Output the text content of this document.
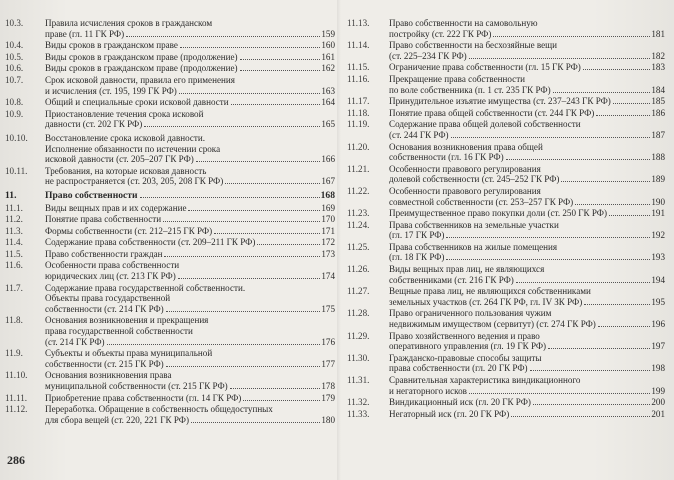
10.3.	Правила исчисления сроков в гражданском
праве (гл. 11 ГК РФ)	159
10.4.	Виды сроков в гражданском праве	160
10.5.	Виды сроков в гражданском праве (продолжение)	161
10.6.	Виды сроков в гражданском праве (продолжение)	162
10.7.	Срок исковой давности, правила его применения
и исчисления (ст. 195, 199 ГК РФ)	163
10.8.	Общий и специальные сроки исковой давности	164
10.9.	Приостановление течения срока исковой
давности (ст. 202 ГК РФ)	165
10.10.	Восстановление срока исковой давности.
Исполнение обязанности по истечении срока
исковой давности (ст. 205–207 ГК РФ)	166
10.11.	Требования, на которые исковая давность
не распространяется (ст. 203, 205, 208 ГК РФ)	167
11.	Право собственности	168
11.1.	Виды вещных прав и их содержание	169
11.2.	Понятие права собственности	170
11.3.	Формы собственности (ст. 212–215 ГК РФ)	171
11.4.	Содержание права собственности (ст. 209–211 ГК РФ)	172
11.5.	Право собственности граждан	173
11.6.	Особенности права собственности
юридических лиц (ст. 213 ГК РФ)	174
11.7.	Содержание права государственной собственности.
Объекты права государственной
собственности (ст. 214 ГК РФ)	175
11.8.	Основания возникновения и прекращения
права государственной собственности
(ст. 214 ГК РФ)	176
11.9.	Субъекты и объекты права муниципальной
собственности (ст. 215 ГК РФ)	177
11.10.	Основания возникновения права
муниципальной собственности (ст. 215 ГК РФ)	178
11.11.	Приобретение права собственности (гл. 14 ГК РФ)	179
11.12.	Переработка. Обращение в собственность общедоступных
для сбора вещей (ст. 220, 221 ГК РФ)	180
11.13.	Право собственности на самовольную
постройку (ст. 222 ГК РФ)	181
11.14.	Право собственности на бесхозяйные вещи
(ст. 225–234 ГК РФ)	182
11.15.	Ограничение права собственности (гл. 15 ГК РФ)	183
11.16.	Прекращение права собственности
по воле собственника (п. 1 ст. 235 ГК РФ)	184
11.17.	Принудительное изъятие имущества (ст. 237–243 ГК РФ)	185
11.18.	Понятие права общей собственности (ст. 244 ГК РФ)	186
11.19.	Содержание права общей долевой собственности
(ст. 244 ГК РФ)	187
11.20.	Основания возникновения права общей
собственности (гл. 16 ГК РФ)	188
11.21.	Особенности правового регулирования
долевой собственности (ст. 245–252 ГК РФ)	189
11.22.	Особенности правового регулирования
совместной собственности (ст. 253–257 ГК РФ)	190
11.23.	Преимущественное право покупки доли (ст. 250 ГК РФ)	191
11.24.	Права собственников на земельные участки
(гл. 17 ГК РФ)	192
11.25.	Права собственников на жилые помещения
(гл. 18 ГК РФ)	193
11.26.	Виды вещных прав лиц, не являющихся
собственниками (ст. 216 ГК РФ)	194
11.27.	Вещные права лиц, не являющихся собственниками
земельных участков (ст. 264 ГК РФ, гл. IV ЗК РФ)	195
11.28.	Право ограниченного пользования чужим
недвижимым имуществом (сервитут) (ст. 274 ГК РФ)	196
11.29.	Право хозяйственного ведения и право
оперативного управления (гл. 19 ГК РФ)	197
11.30.	Гражданско-правовые способы защиты
права собственности (гл. 20 ГК РФ)	198
11.31.	Сравнительная характеристика виндикационного
и негаторного исков	199
11.32.	Виндикационный иск (гл. 20 ГК РФ)	200
11.33.	Негаторный иск (гл. 20 ГК РФ)	201
286
